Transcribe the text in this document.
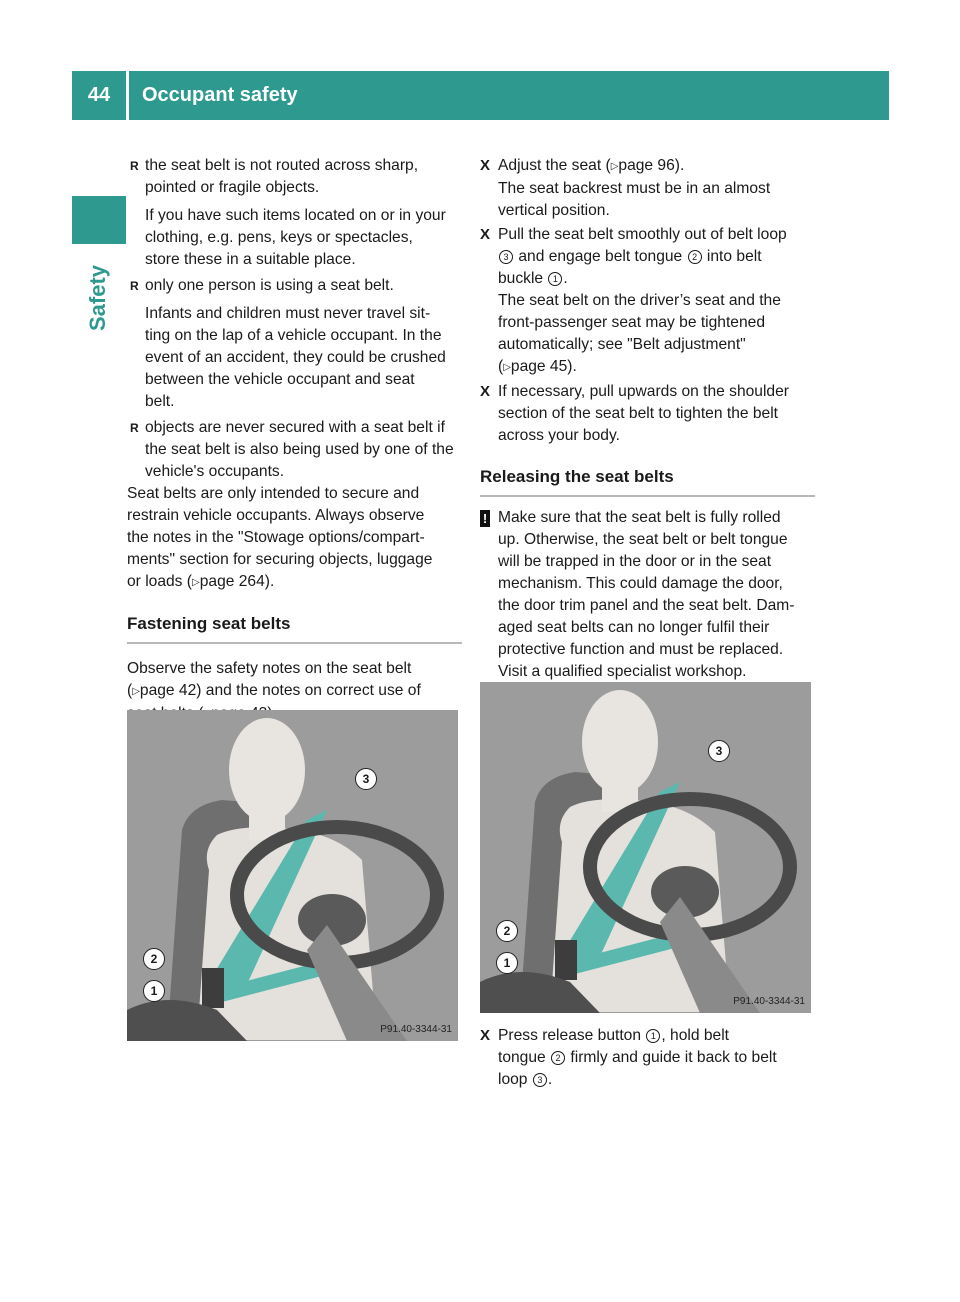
44	Occupant safety
Safety
R the seat belt is not routed across sharp,

pointed or fragile objects.

If you have such items located on or in your

clothing, e.g. pens, keys or spectacles,

store these in a suitable place.

R only one person is using a seat belt.

Infants and children must never travel sit-

ting on the lap of a vehicle occupant. In the

event of an accident, they could be crushed

between the vehicle occupant and seat

belt.

R objects are never secured with a seat belt if

the seat belt is also being used by one of the

vehicle's occupants.

Seat belts are only intended to secure and

restrain vehicle occupants. Always observe

the notes in the "Stowage options/compart-

ments" section for securing objects, luggage

or loads (▷page 264).

Fastening seat belts

Observe the safety notes on the seat belt

(▷page 42) and the notes on correct use of

X Adjust the seat (▷page 96).

The seat backrest must be in an almost

vertical position.

X Pull the seat belt smoothly out of belt loop

3 and engage belt tongue 2 into belt

buckle 1 .

The seat belt on the driver’s seat and the

front-passenger seat may be tightened

automatically; see "Belt adjustment"

(▷page 45).

X If necessary, pull upwards on the shoulder

section of the seat belt to tighten the belt

across your body.

Releasing the seat belts
! Make sure that the seat belt is fully rolled

up. Otherwise, the seat belt or belt tongue

will be trapped in the door or in the seat

mechanism. This could damage the door,

the door trim panel and the seat belt. Dam-

aged seat belts can no longer fulfil their

protective function and must be replaced.

Visit a qualified specialist workshop.

X Press release button 1 , hold belt

tongue 2 firmly and guide it back to belt

loop 3 .

P91.40-3344-31
3
2
1
P91.40-3344-31
3
2
1
